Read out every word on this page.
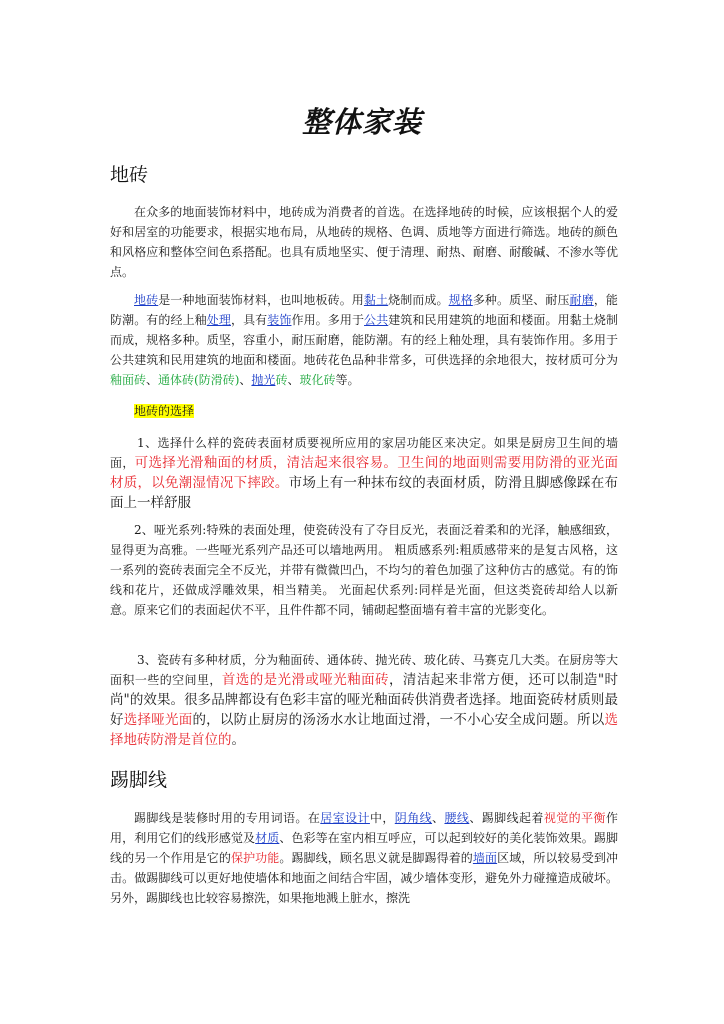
整体家装
地砖

在众多的地面装饰材料中，地砖成为消费者的首选。在选择地砖的时候，应该根据个人的爱好和居室的功能要求，根据实地布局，从地砖的规格、色调、质地等方面进行筛选。地砖的颜色和风格应和整体空间色系搭配。也具有质地坚实、便于清理、耐热、耐磨、耐酸碱、不渗水等优点。

地砖是一种地面装饰材料，也叫地板砖。用黏土烧制而成。规格多种。质坚、耐压耐磨，能防潮。有的经上釉处理，具有装饰作用。多用于公共建筑和民用建筑的地面和楼面。用黏土烧制而成，规格多种。质坚，容重小，耐压耐磨，能防潮。有的经上釉处理，具有装饰作用。多用于公共建筑和民用建筑的地面和楼面。地砖花色品种非常多，可供选择的余地很大，按材质可分为釉面砖、通体砖(防滑砖)、抛光砖、玻化砖等。

地砖的选择

1、选择什么样的瓷砖表面材质要视所应用的家居功能区来决定。如果是厨房卫生间的墙面，可选择光滑釉面的材质，清洁起来很容易。卫生间的地面则需要用防滑的亚光面材质，以免潮湿情况下摔跤。市场上有一种抹布纹的表面材质，防滑且脚感像踩在布面上一样舒服

2、哑光系列:特殊的表面处理，使瓷砖没有了夺目反光，表面泛着柔和的光泽，触感细致，显得更为高雅。一些哑光系列产品还可以墙地两用。 粗质感系列:粗质感带来的是复古风格，这一系列的瓷砖表面完全不反光，并带有微微凹凸，不均匀的着色加强了这种仿古的感觉。有的饰线和花片，还做成浮雕效果，相当精美。 光面起伏系列:同样是光面，但这类瓷砖却给人以新意。原来它们的表面起伏不平，且件件都不同，铺砌起整面墙有着丰富的光影变化。

3、瓷砖有多种材质，分为釉面砖、通体砖、抛光砖、玻化砖、马赛克几大类。在厨房等大面积一些的空间里，首选的是光滑或哑光釉面砖，清洁起来非常方便，还可以制造"时尚"的效果。很多品牌都设有色彩丰富的哑光釉面砖供消费者选择。地面瓷砖材质则最好选择哑光面的，以防止厨房的汤汤水水让地面过滑，一不小心安全成问题。所以选择地砖防滑是首位的。

踢脚线

踢脚线是装修时用的专用词语。在居室设计中，阴角线、腰线、踢脚线起着视觉的平衡作用，利用它们的线形感觉及材质、色彩等在室内相互呼应，可以起到较好的美化装饰效果。踢脚线的另一个作用是它的保护功能。踢脚线，顾名思义就是脚踢得着的墙面区域，所以较易受到冲击。做踢脚线可以更好地使墙体和地面之间结合牢固，减少墙体变形，避免外力碰撞造成破坏。另外，踢脚线也比较容易擦洗，如果拖地溅上脏水，擦洗
